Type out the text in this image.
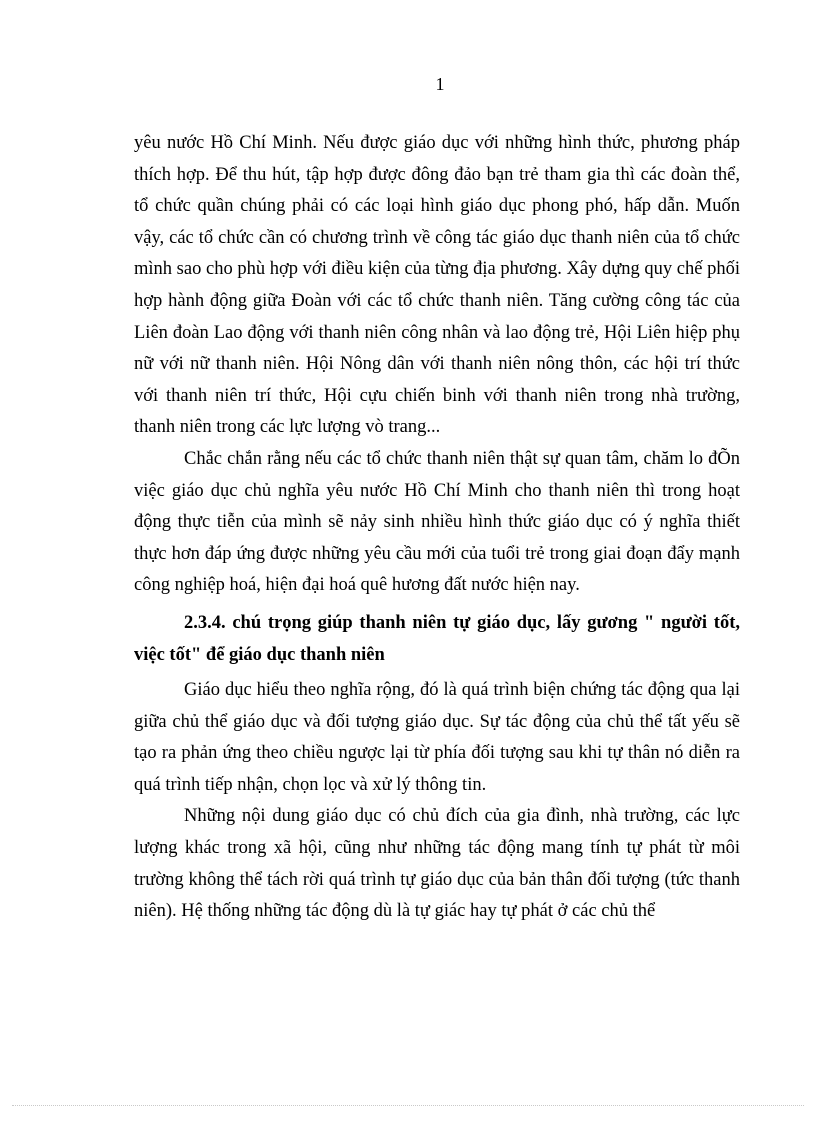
1

yêu nước Hồ Chí Minh. Nếu được giáo dục với những hình thức, phương pháp thích hợp. Để thu hút, tập hợp được đông đảo bạn trẻ tham gia thì các đoàn thể, tổ chức quần chúng phải có các loại hình giáo dục phong phó, hấp dẫn. Muốn vậy, các tổ chức cần có chương trình về công tác giáo dục thanh niên của tổ chức mình sao cho phù hợp với điều kiện của từng địa phương. Xây dựng quy chế phối hợp hành động giữa Đoàn với các tổ chức thanh niên. Tăng cường công tác của Liên đoàn Lao động với thanh niên công nhân và lao động trẻ, Hội Liên hiệp phụ nữ với nữ thanh niên. Hội Nông dân với thanh niên nông thôn, các hội trí thức với thanh niên trí thức, Hội cựu chiến binh với thanh niên trong nhà trường, thanh niên trong các lực lượng vò trang...

Chắc chắn rằng nếu các tổ chức thanh niên thật sự quan tâm, chăm lo đÕn việc giáo dục chủ nghĩa yêu nước Hồ Chí Minh cho thanh niên thì trong hoạt động thực tiễn của mình sẽ nảy sinh nhiều hình thức giáo dục có ý nghĩa thiết thực hơn đáp ứng được những yêu cầu mới của tuổi trẻ trong giai đoạn đẩy mạnh công nghiệp hoá, hiện đại hoá quê hương đất nước hiện nay.

2.3.4. chú trọng giúp thanh niên tự giáo dục, lấy gương " người tốt, việc tốt" để giáo dục thanh niên

Giáo dục hiểu theo nghĩa rộng, đó là quá trình biện chứng tác động qua lại giữa chủ thể giáo dục và đối tượng giáo dục. Sự tác động của chủ thể tất yếu sẽ tạo ra phản ứng theo chiều ngược lại từ phía đối tượng sau khi tự thân nó diễn ra quá trình tiếp nhận, chọn lọc và xử lý thông tin.

Những nội dung giáo dục có chủ đích của gia đình, nhà trường, các lực lượng khác trong xã hội, cũng như những tác động mang tính tự phát từ môi trường không thể tách rời quá trình tự giáo dục của bản thân đối tượng (tức thanh niên). Hệ thống những tác động dù là tự giác hay tự phát ở các chủ thể
